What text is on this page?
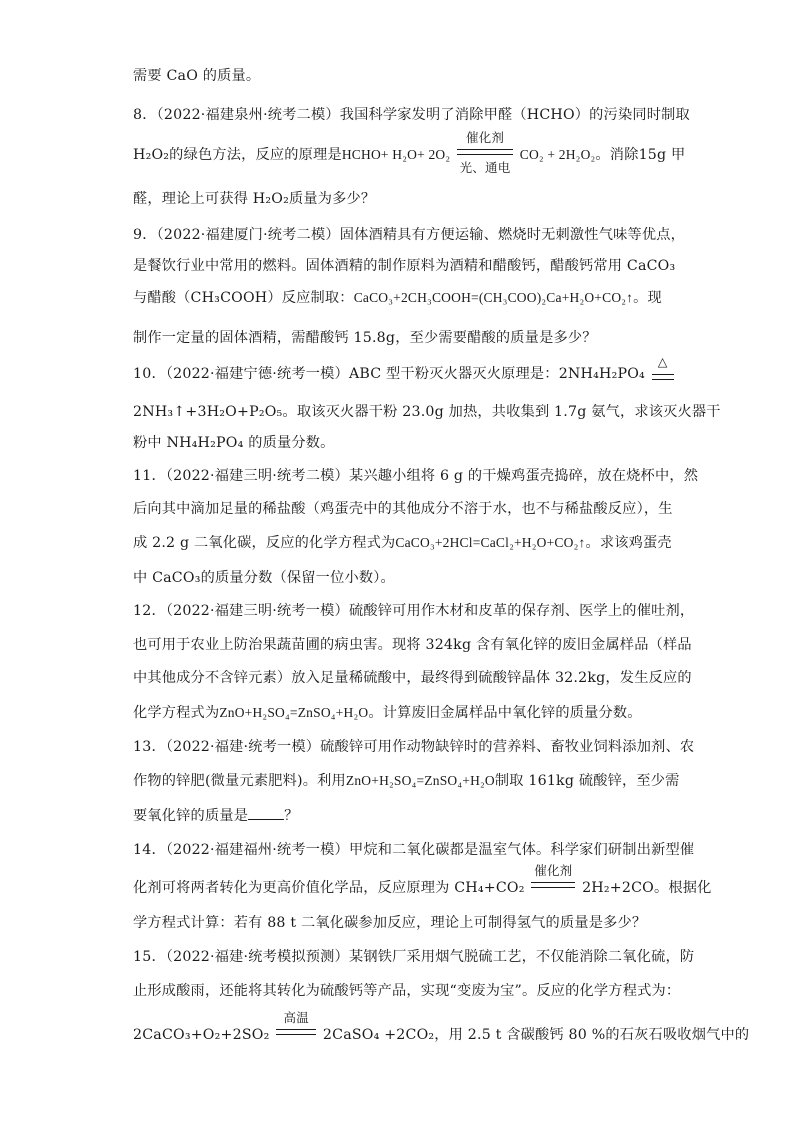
需要 CaO 的质量。
8．（2022·福建泉州·统考二模）我国科学家发明了消除甲醛（HCHO）的污染同时制取
H₂O₂的绿色方法，反应的原理是HCHO+ H₂O+ 2O₂
催化剂
光、通电
CO₂ + 2H₂O₂。消除15g 甲
醛，理论上可获得 H₂O₂质量为多少？
9．（2022·福建厦门·统考二模）固体酒精具有方便运输、燃烧时无刺激性气味等优点，
是餐饮行业中常用的燃料。固体酒精的制作原料为酒精和醋酸钙，醋酸钙常用 CaCO₃
与醋酸（CH₃COOH）反应制取：CaCO₃+2CH₃COOH=(CH₃COO)₂Ca+H₂O+CO₂↑。现
制作一定量的固体酒精，需醋酸钙 15.8g，至少需要醋酸的质量是多少？
10．（2022·福建宁德·统考一模）ABC 型干粉灭火器灭火原理是：2NH₄H₂PO₄
△
2NH₃↑+3H₂O+P₂O₅。取该灭火器干粉 23.0g 加热，共收集到 1.7g 氨气，求该灭火器干
粉中 NH₄H₂PO₄ 的质量分数。
11．（2022·福建三明·统考二模）某兴趣小组将 6 g 的干燥鸡蛋壳捣碎，放在烧杯中，然
后向其中滴加足量的稀盐酸（鸡蛋壳中的其他成分不溶于水，也不与稀盐酸反应），生
成 2.2 g 二氧化碳，反应的化学方程式为CaCO₃+2HCl=CaCl₂+H₂O+CO₂↑。求该鸡蛋壳
中 CaCO₃的质量分数（保留一位小数）。
12．（2022·福建三明·统考一模）硫酸锌可用作木材和皮革的保存剂、医学上的催吐剂，
也可用于农业上防治果蔬苗圃的病虫害。现将 324kg 含有氧化锌的废旧金属样品（样品
中其他成分不含锌元素）放入足量稀硫酸中，最终得到硫酸锌晶体 32.2kg，发生反应的
化学方程式为ZnO+H₂SO₄=ZnSO₄+H₂O。计算废旧金属样品中氧化锌的质量分数。
13．（2022·福建·统考一模）硫酸锌可用作动物缺锌时的营养料、畜牧业饲料添加剂、农
作物的锌肥(微量元素肥料)。利用ZnO+H₂SO₄=ZnSO₄+H₂O制取 161kg 硫酸锌，至少需
要氧化锌的质量是	？
14．（2022·福建福州·统考一模）甲烷和二氧化碳都是温室气体。科学家们研制出新型催
化剂可将两者转化为更高价值化学品，反应原理为 CH₄+CO₂
催化剂
2H₂+2CO。根据化
学方程式计算：若有 88 t 二氧化碳参加反应，理论上可制得氢气的质量是多少？
15．（2022·福建·统考模拟预测）某钢铁厂采用烟气脱硫工艺，不仅能消除二氧化硫，防
止形成酸雨，还能将其转化为硫酸钙等产品，实现“变废为宝”。反应的化学方程式为：
2CaCO₃+O₂+2SO₂
高温
2CaSO₄ +2CO₂，用 2.5 t 含碳酸钙 80 %的石灰石吸收烟气中的
